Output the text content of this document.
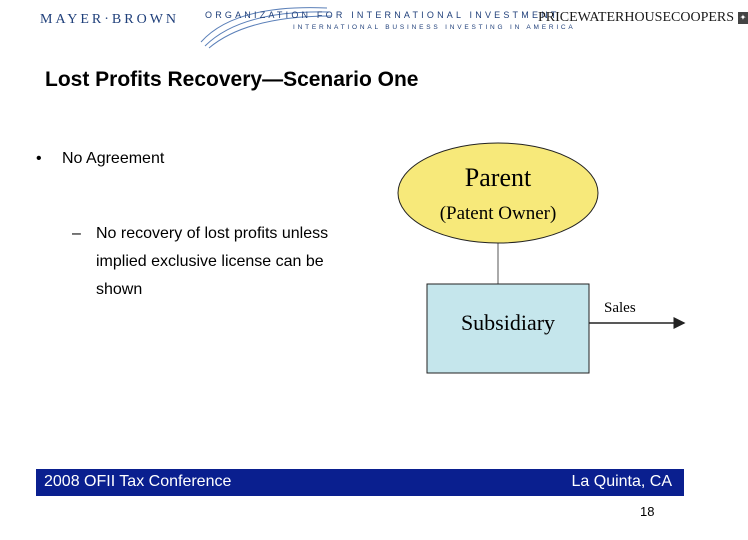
MAYER·BROWN	ORGANIZATION FOR INTERNATIONAL INVESTMENT
INTERNATIONAL BUSINESS INVESTING IN AMERICA
PRICEWATERHOUSECOOPERS ✦
Lost Profits Recovery—Scenario One
• No Agreement
– No recovery of lost profits unless implied exclusive license can be shown
Parent
(Patent Owner)
Subsidiary
Sales
2008 OFII Tax Conference	La Quinta, CA
18
